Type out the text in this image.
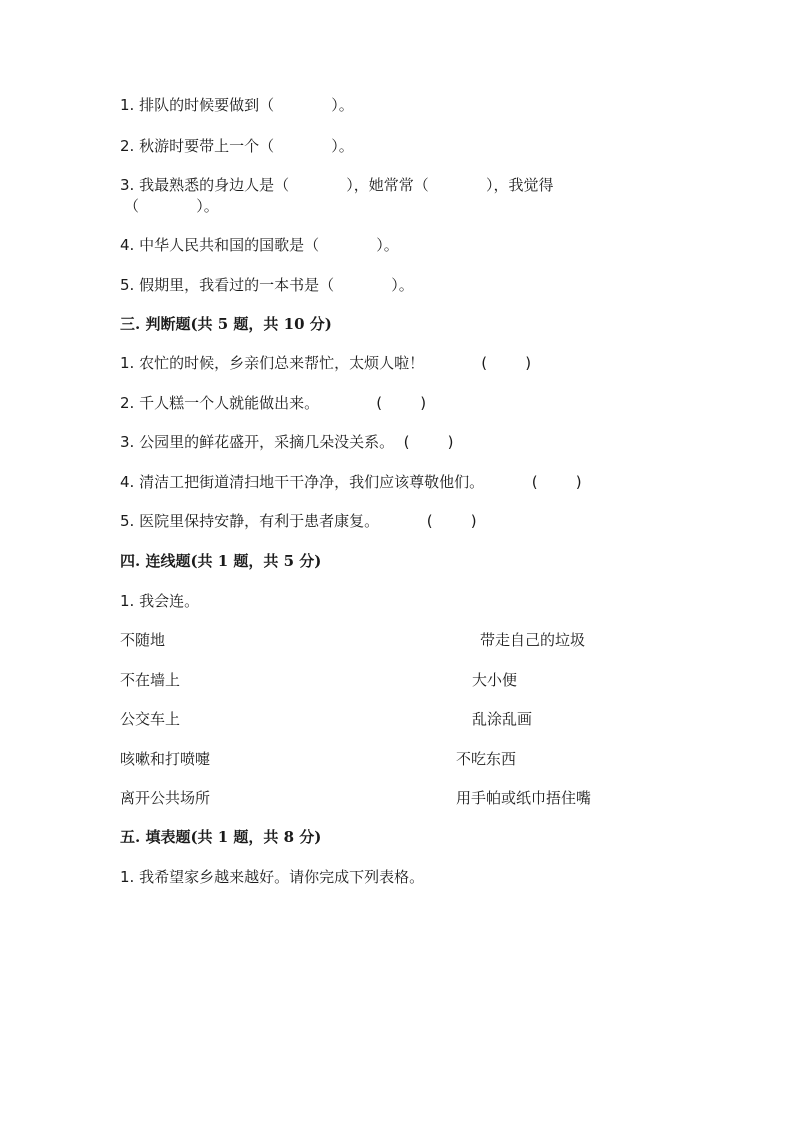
1. 排队的时候要做到（            ）。
2. 秋游时要带上一个（            ）。
3. 我最熟悉的身边人是（            ），她常常（            ），我觉得
（            ）。
4. 中华人民共和国的国歌是（            ）。
5. 假期里，我看过的一本书是（            ）。
三. 判断题(共 5 题，共 10 分)
1. 农忙的时候，乡亲们总来帮忙，太烦人啦！            (        )
2. 千人糕一个人就能做出来。            (        )
3. 公园里的鲜花盛开，采摘几朵没关系。  (        )
4. 清洁工把街道清扫地干干净净，我们应该尊敬他们。          (        )
5. 医院里保持安静，有利于患者康复。          (        )
四. 连线题(共 1 题，共 5 分)
1. 我会连。
不随地
不在墙上
公交车上
咳嗽和打喷嚏
离开公共场所
带走自己的垃圾
大小便
乱涂乱画
不吃东西
用手帕或纸巾捂住嘴
五. 填表题(共 1 题，共 8 分)
1. 我希望家乡越来越好。请你完成下列表格。
